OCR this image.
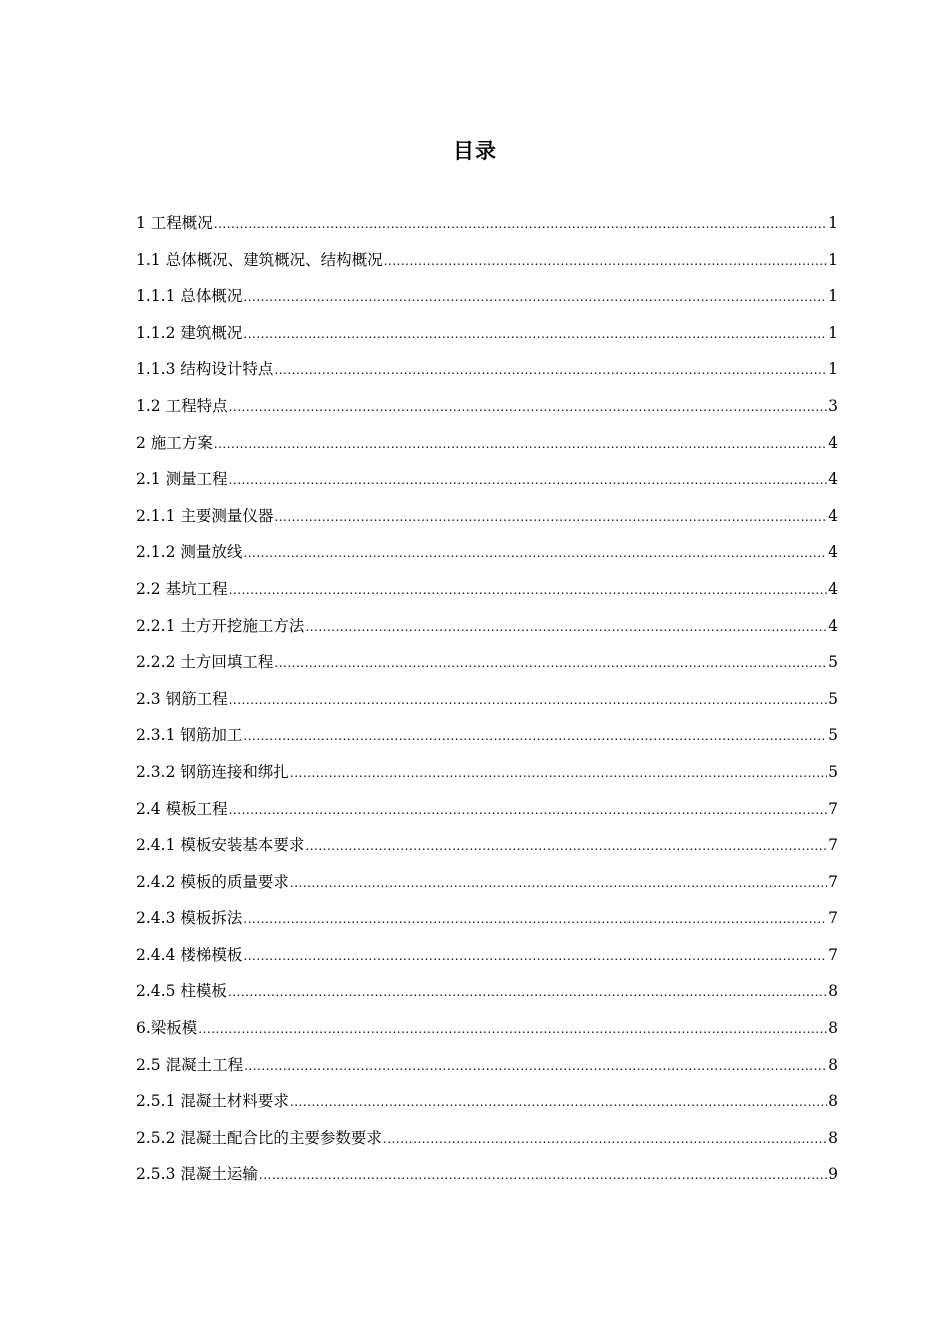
目录
1 工程概况 .....	1
1.1 总体概况、建筑概况、结构概况 .....	1
1.1.1 总体概况 .....	1
1.1.2 建筑概况 .....	1
1.1.3 结构设计特点 .....	1
1.2 工程特点 .....	3
2 施工方案 .....	4
2.1 测量工程 .....	4
2.1.1 主要测量仪器 .....	4
2.1.2 测量放线 .....	4
2.2 基坑工程 .....	4
2.2.1 土方开挖施工方法 .....	4
2.2.2 土方回填工程 .....	5
2.3 钢筋工程 .....	5
2.3.1 钢筋加工 .....	5
2.3.2 钢筋连接和绑扎 .....	5
2.4 模板工程 .....	7
2.4.1 模板安装基本要求 .....	7
2.4.2 模板的质量要求 .....	7
2.4.3 模板拆法 .....	7
2.4.4 楼梯模板 .....	7
2.4.5 柱模板 .....	8
6.梁板模 .....	8
2.5 混凝土工程 .....	8
2.5.1 混凝土材料要求 .....	8
2.5.2 混凝土配合比的主要参数要求 .....	8
2.5.3 混凝土运输 .....	9
